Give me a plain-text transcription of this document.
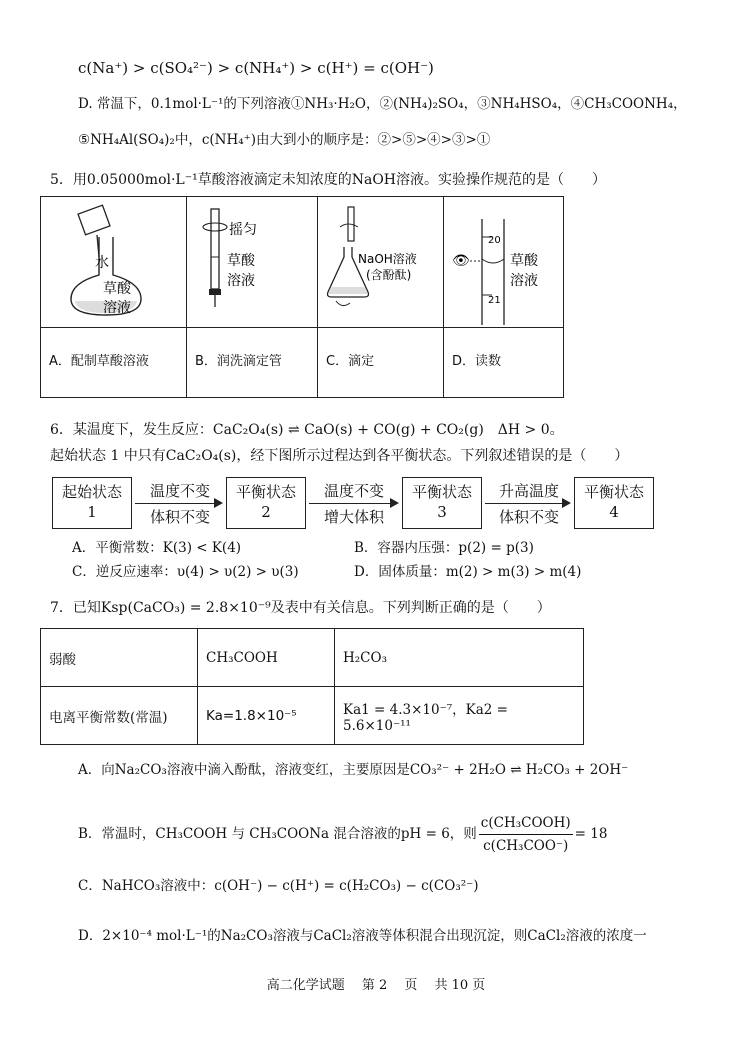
c(Na⁺) > c(SO₄²⁻) > c(NH₄⁺) > c(H⁺) = c(OH⁻)
D. 常温下，0.1mol·L⁻¹的下列溶液①NH₃·H₂O，②(NH₄)₂SO₄，③NH₄HSO₄，④CH₃COONH₄，
⑤NH₄Al(SO₄)₂中，c(NH₄⁺)由大到小的顺序是：②>⑤>④>③>①
5．用0.05000mol·L⁻¹草酸溶液滴定未知浓度的NaOH溶液。实验操作规范的是（　　）
水
草酸
溶液
摇匀
草酸
溶液
NaOH溶液
(含酚酞)
👁
20
21
草酸
溶液
A．配制草酸溶液	B．润洗滴定管	C．滴定	D．读数
6．某温度下，发生反应：CaC₂O₄(s) ⇌ CaO(s) + CO(g) + CO₂(g)　ΔH > 0。
起始状态 1 中只有CaC₂O₄(s)，经下图所示过程达到各平衡状态。下列叙述错误的是（　　）
起始状态
1
温度不变
体积不变
平衡状态
2
温度不变
增大体积
平衡状态
3
升高温度
体积不变
平衡状态
4
A．平衡常数：K(3) < K(4)	B．容器内压强：p(2) = p(3)
C．逆反应速率：υ(4) > υ(2) > υ(3)	D．固体质量：m(2) > m(3) > m(4)
7．已知Ksp(CaCO₃) = 2.8×10⁻⁹及表中有关信息。下列判断正确的是（　　）
弱酸	CH₃COOH	H₂CO₃
电离平衡常数(常温)	Ka=1.8×10⁻⁵	Ka1 = 4.3×10⁻⁷，Ka2 = 5.6×10⁻¹¹
A．向Na₂CO₃溶液中滴入酚酞，溶液变红，主要原因是CO₃²⁻ + 2H₂O ⇌ H₂CO₃ + 2OH⁻
B．常温时，CH₃COOH 与 CH₃COONa 混合溶液的pH = 6，则 $\frac{\text{c(CH₃COOH)}}{\text{c(CH₃COO⁻)}} = 18$
C．NaHCO₃溶液中：c(OH⁻) − c(H⁺) = c(H₂CO₃) − c(CO₃²⁻)
D．2×10⁻⁴ mol·L⁻¹的Na₂CO₃溶液与CaCl₂溶液等体积混合出现沉淀，则CaCl₂溶液的浓度一
高二化学试题　 第 2　 页　 共 10 页
